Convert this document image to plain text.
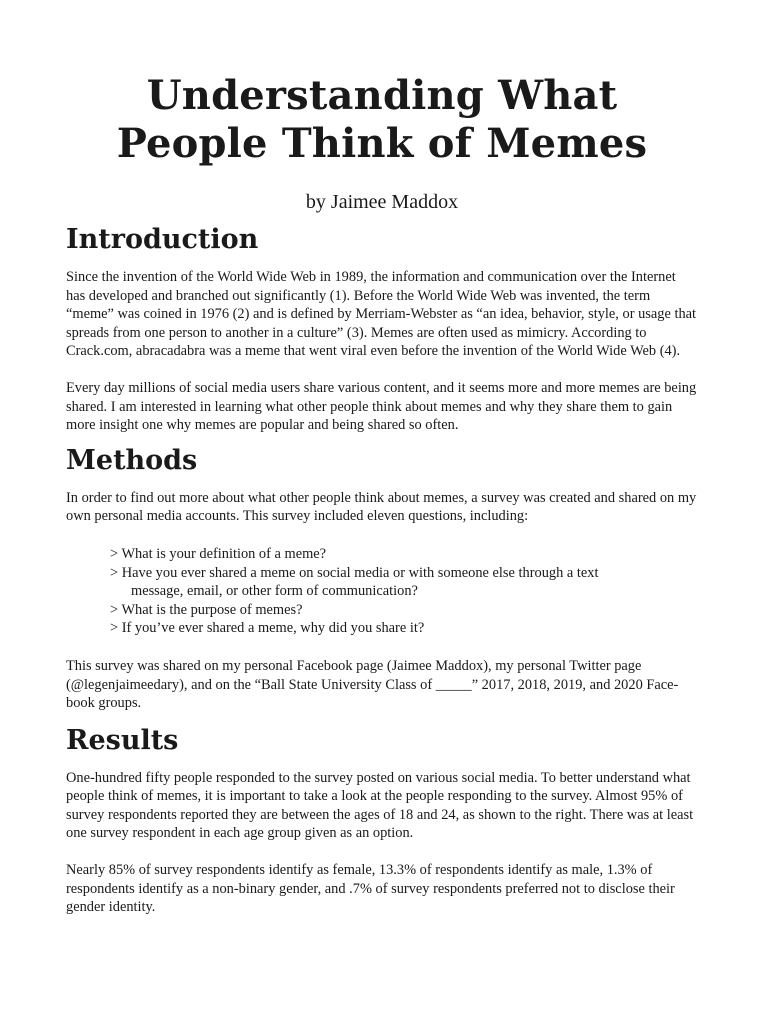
Understanding What
People Think of Memes

by Jaimee Maddox

Introduction

Since the invention of the World Wide Web in 1989, the information and communication over the Internet has developed and branched out significantly (1). Before the World Wide Web was invented, the term “meme” was coined in 1976 (2) and is defined by Merriam-Webster as “an idea, behavior, style, or usage that spreads from one person to another in a culture” (3). Memes are often used as mimicry. According to Crack.com, abracadabra was a meme that went viral even before the invention of the World Wide Web (4).

Every day millions of social media users share various content, and it seems more and more memes are being shared. I am interested in learning what other people think about memes and why they share them to gain more insight one why memes are popular and being shared so often.

Methods

In order to find out more about what other people think about memes, a survey was created and shared on my own personal media accounts. This survey included eleven questions, including:

> What is your definition of a meme?
> Have you ever shared a meme on social media or with someone else through a text
message, email, or other form of communication?
> What is the purpose of memes?
> If you’ve ever shared a meme, why did you share it?

This survey was shared on my personal Facebook page (Jaimee Maddox), my personal Twitter page (@legenjaimeedary), and on the “Ball State University Class of _____” 2017, 2018, 2019, and 2020 Face-book groups.

Results

One-hundred fifty people responded to the survey posted on various social media. To better understand what people think of memes, it is important to take a look at the people responding to the survey. Almost 95% of survey respondents reported they are between the ages of 18 and 24, as shown to the right. There was at least one survey respondent in each age group given as an option.

Nearly 85% of survey respondents identify as female, 13.3% of respondents identify as male, 1.3% of respondents identify as a non-binary gender, and .7% of survey respondents preferred not to disclose their gender identity.
